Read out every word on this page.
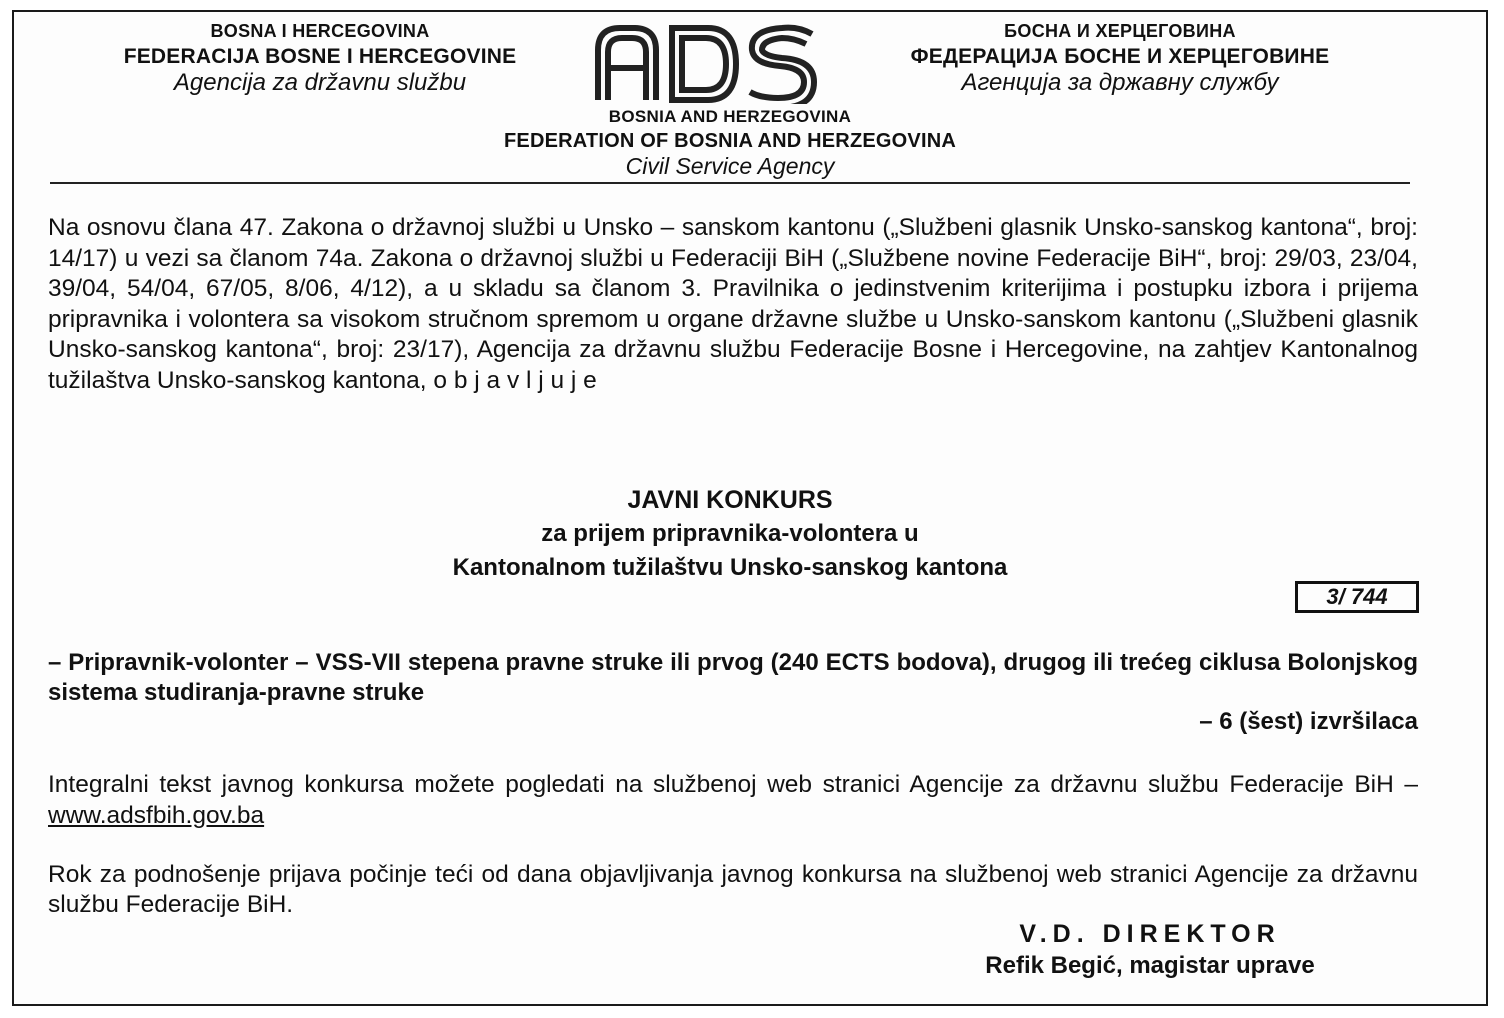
BOSNA I HERCEGOVINA
FEDERACIJA BOSNE I HERCEGOVINE
Agencija za državnu službu
ADS	БОСНА И ХЕРЦЕГОВИНА
ФЕДЕРАЦИЈА БОСНЕ И ХЕРЦЕГОВИНЕ
Агенција за државну службу
BOSNIA AND HERZEGOVINA
FEDERATION OF BOSNIA AND HERZEGOVINA
Civil Service Agency
Na osnovu člana 47. Zakona o državnoj službi u Unsko – sanskom kantonu („Službeni glasnik Unsko-sanskog kantona“, broj: 14/17) u vezi sa članom 74a. Zakona o državnoj službi u Federaciji BiH („Službene novine Federacije BiH“, broj: 29/03, 23/04, 39/04, 54/04, 67/05, 8/06, 4/12), a u skladu sa članom 3. Pravilnika o jedinstvenim kriterijima i postupku izbora i prijema pripravnika i volontera sa visokom stručnom spremom u organe državne službe u Unsko-sanskom kantonu („Službeni glasnik Unsko-sanskog kantona“, broj: 23/17), Agencija za državnu službu Federacije Bosne i Hercegovine, na zahtjev Kantonalnog tužilaštva Unsko-sanskog kantona, o b j a v l j u j e
JAVNI KONKURS
za prijem pripravnika-volontera u
Kantonalnom tužilaštvu Unsko-sanskog kantona
3/ 744
– Pripravnik-volonter – VSS-VII stepena pravne struke ili prvog (240 ECTS bodova), drugog ili trećeg ciklusa Bolonjskog sistema studiranja-pravne struke
– 6 (šest) izvršilaca
Integralni tekst javnog konkursa možete pogledati na službenoj web stranici Agencije za državnu službu Federacije BiH – www.adsfbih.gov.ba
Rok za podnošenje prijava počinje teći od dana objavljivanja javnog konkursa na službenoj web stranici Agencije za državnu službu Federacije BiH.
V.D. DIREKTOR
Refik Begić, magistar uprave
